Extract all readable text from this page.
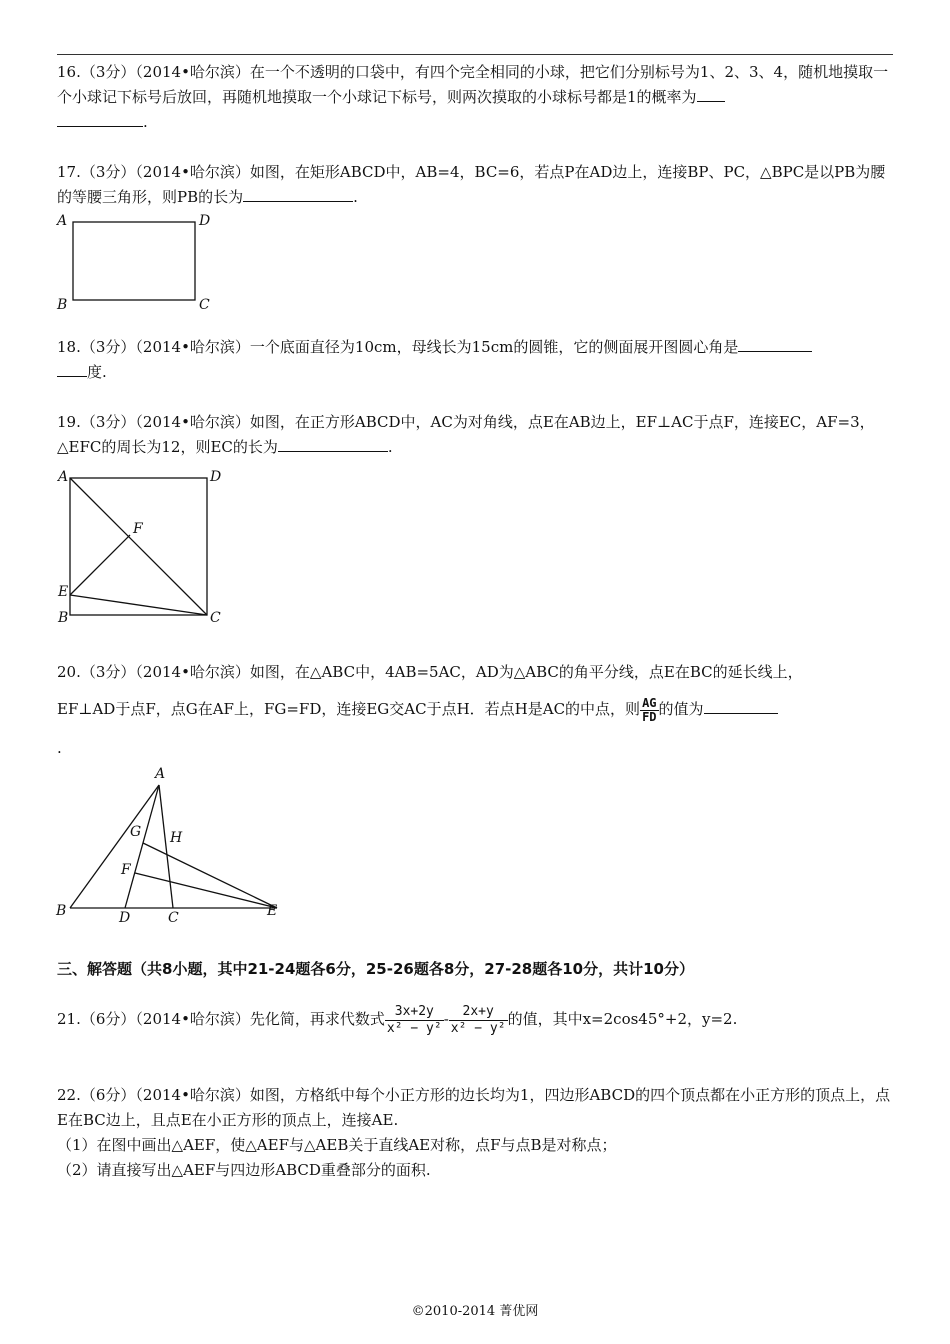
16.（3分）（2014•哈尔滨）在一个不透明的口袋中，有四个完全相同的小球，把它们分别标号为1、2、3、4，随机地摸取一个小球记下标号后放回，再随机地摸取一个小球记下标号，则两次摸取的小球标号都是1的概率为
.

17.（3分）（2014•哈尔滨）如图，在矩形ABCD中，AB=4，BC=6，若点P在AD边上，连接BP、PC，△BPC是以PB为腰的等腰三角形，则PB的长为	.

A	D
B	C

18.（3分）（2014•哈尔滨）一个底面直径为10cm，母线长为15cm的圆锥，它的侧面展开图圆心角是
度.

19.（3分）（2014•哈尔滨）如图，在正方形ABCD中，AC为对角线，点E在AB边上，EF⊥AC于点F，连接EC，AF=3，△EFC的周长为12，则EC的长为	.

A	D
E
B	C
F

20.（3分）（2014•哈尔滨）如图，在△ABC中，4AB=5AC，AD为△ABC的角平分线，点E在BC的延长线上，

EF⊥AD于点F，点G在AF上，FG=FD，连接EG交AC于点H．若点H是AC的中点，则 $\frac{AG}{FD}$ 的值为

.

A
G H
F
B	D	C	E
三、解答题（共8小题，其中21-24题各6分，25-26题各8分，27-28题各10分，共计10分）

21.（6分）（2014•哈尔滨）先化简，再求代数式 $\frac{3x+2y}{\text{x² − y²}} - \frac{2x+y}{\text{x² − y²}}$ 的值，其中x=2cos45°+2，y=2.

22.（6分）（2014•哈尔滨）如图，方格纸中每个小正方形的边长均为1，四边形ABCD的四个顶点都在小正方形的顶点上，点E在BC边上，且点E在小正方形的顶点上，连接AE.
（1）在图中画出△AEF，使△AEF与△AEB关于直线AE对称，点F与点B是对称点；
（2）请直接写出△AEF与四边形ABCD重叠部分的面积.

©2010-2014 菁优网
